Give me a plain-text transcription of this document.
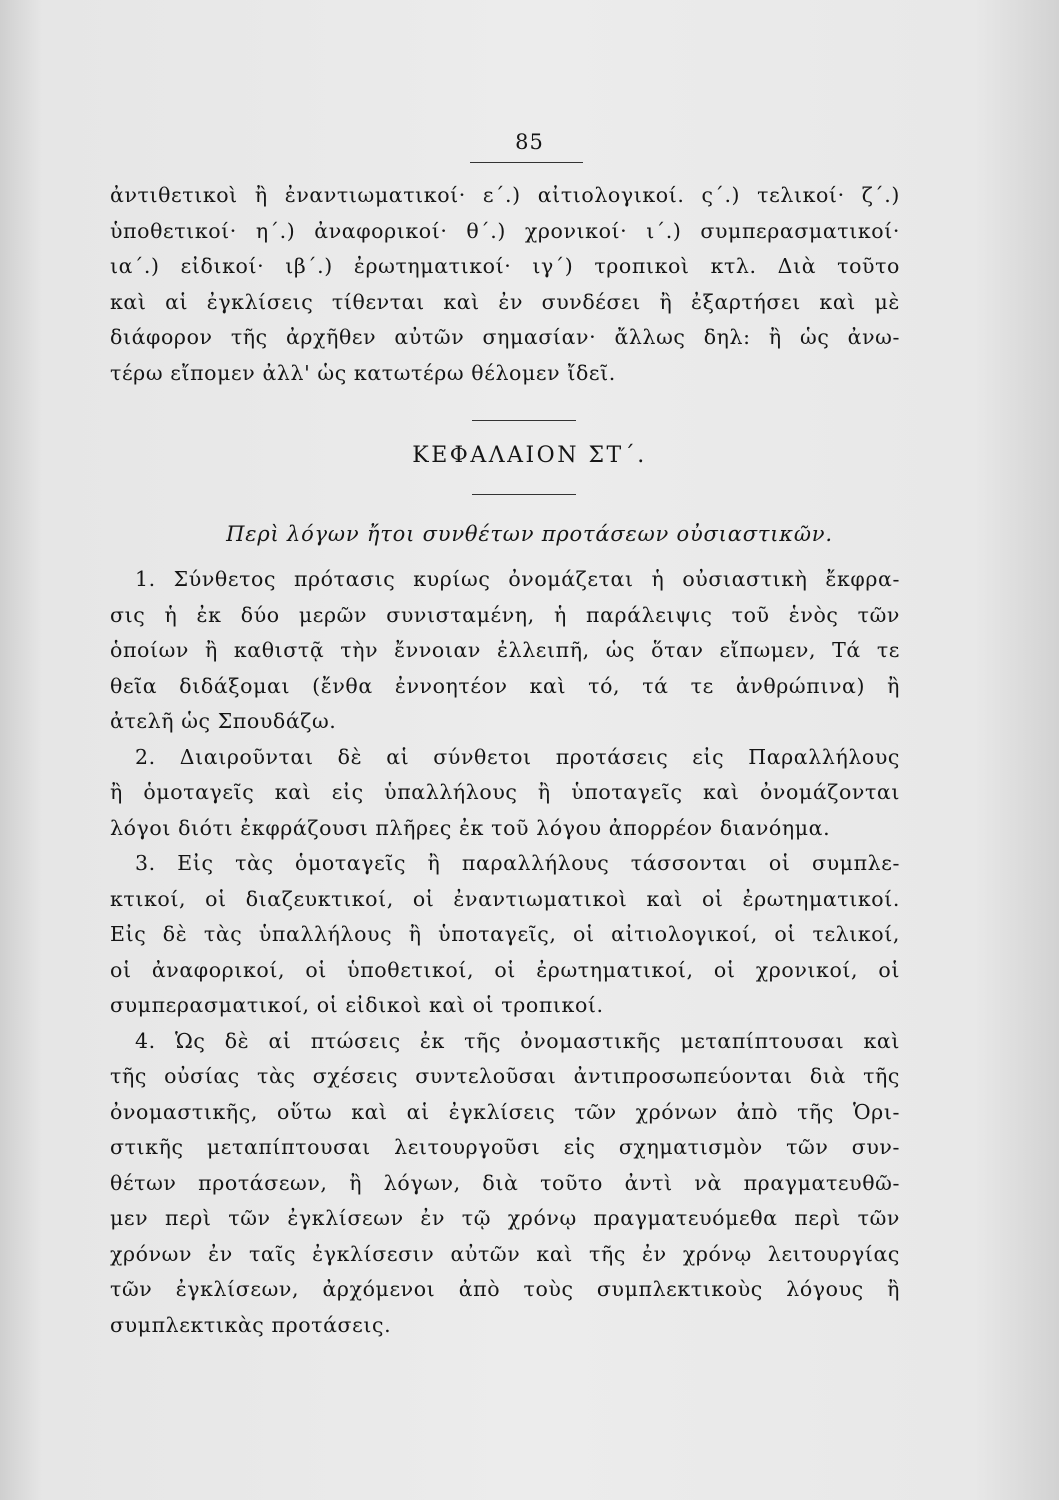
85
ἀντιθετικοὶ ἢ ἐναντιωματικοί· ε΄.) αἰτιολογικοί. ς΄.) τελικοί· ζ΄.)
ὑποθετικοί· η΄.) ἀναφορικοί· θ΄.) χρονικοί· ι΄.) συμπερασματικοί·
ια΄.) εἰδικοί· ιβ΄.) ἐρωτηματικοί· ιγ΄) τροπικοὶ κτλ. Διὰ τοῦτο
καὶ αἱ ἐγκλίσεις τίθενται καὶ ἐν συνδέσει ἢ ἐξαρτήσει καὶ μὲ
διάφορον τῆς ἀρχῆθεν αὐτῶν σημασίαν· ἄλλως δηλ: ἢ ὡς ἀνω-
τέρω εἴπομεν ἀλλ' ὡς κατωτέρω θέλομεν ἴδεῖ.
ΚΕΦΑΛΑΙΟΝ ΣΤ΄.
Περὶ λόγων ἤτοι συνθέτων προτάσεων οὐσιαστικῶν.
1. Σύνθετος πρότασις κυρίως ὀνομάζεται ἡ οὐσιαστικὴ ἔκφρα-
σις ἡ ἐκ δύο μερῶν συνισταμένη, ἡ παράλειψις τοῦ ἑνὸς τῶν
ὁποίων ἢ καθιστᾷ τὴν ἔννοιαν ἐλλειπῆ, ὡς ὅταν εἴπωμεν, Τά τε
θεῖα διδάξομαι (ἔνθα ἐννοητέον καὶ τό, τά τε ἀνθρώπινα) ἢ
ἀτελῆ ὡς Σπουδάζω.
2. Διαιροῦνται δὲ αἱ σύνθετοι προτάσεις εἰς Παραλλήλους
ἢ ὁμοταγεῖς καὶ εἰς ὑπαλλήλους ἢ ὑποταγεῖς καὶ ὀνομάζονται
λόγοι διότι ἐκφράζουσι πλῆρες ἐκ τοῦ λόγου ἀπορρέον διανόημα.
3. Εἰς τὰς ὁμοταγεῖς ἢ παραλλήλους τάσσονται οἱ συμπλε-
κτικοί, οἱ διαζευκτικοί, οἱ ἐναντιωματικοὶ καὶ οἱ ἐρωτηματικοί.
Εἰς δὲ τὰς ὑπαλλήλους ἢ ὑποταγεῖς, οἱ αἰτιολογικοί, οἱ τελικοί,
οἱ ἀναφορικοί, οἱ ὑποθετικοί, οἱ ἐρωτηματικοί, οἱ χρονικοί, οἱ
συμπερασματικοί, οἱ εἰδικοὶ καὶ οἱ τροπικοί.
4. Ὡς δὲ αἱ πτώσεις ἐκ τῆς ὀνομαστικῆς μεταπίπτουσαι καὶ
τῆς οὐσίας τὰς σχέσεις συντελοῦσαι ἀντιπροσωπεύονται διὰ τῆς
ὀνομαστικῆς, οὕτω καὶ αἱ ἐγκλίσεις τῶν χρόνων ἀπὸ τῆς Ὁρι-
στικῆς μεταπίπτουσαι λειτουργοῦσι εἰς σχηματισμὸν τῶν συν-
θέτων προτάσεων, ἢ λόγων, διὰ τοῦτο ἀντὶ νὰ πραγματευθῶ-
μεν περὶ τῶν ἐγκλίσεων ἐν τῷ χρόνῳ πραγματευόμεθα περὶ τῶν
χρόνων ἐν ταῖς ἐγκλίσεσιν αὐτῶν καὶ τῆς ἐν χρόνῳ λειτουργίας
τῶν ἐγκλίσεων, ἀρχόμενοι ἀπὸ τοὺς συμπλεκτικοὺς λόγους ἢ
συμπλεκτικὰς προτάσεις.
